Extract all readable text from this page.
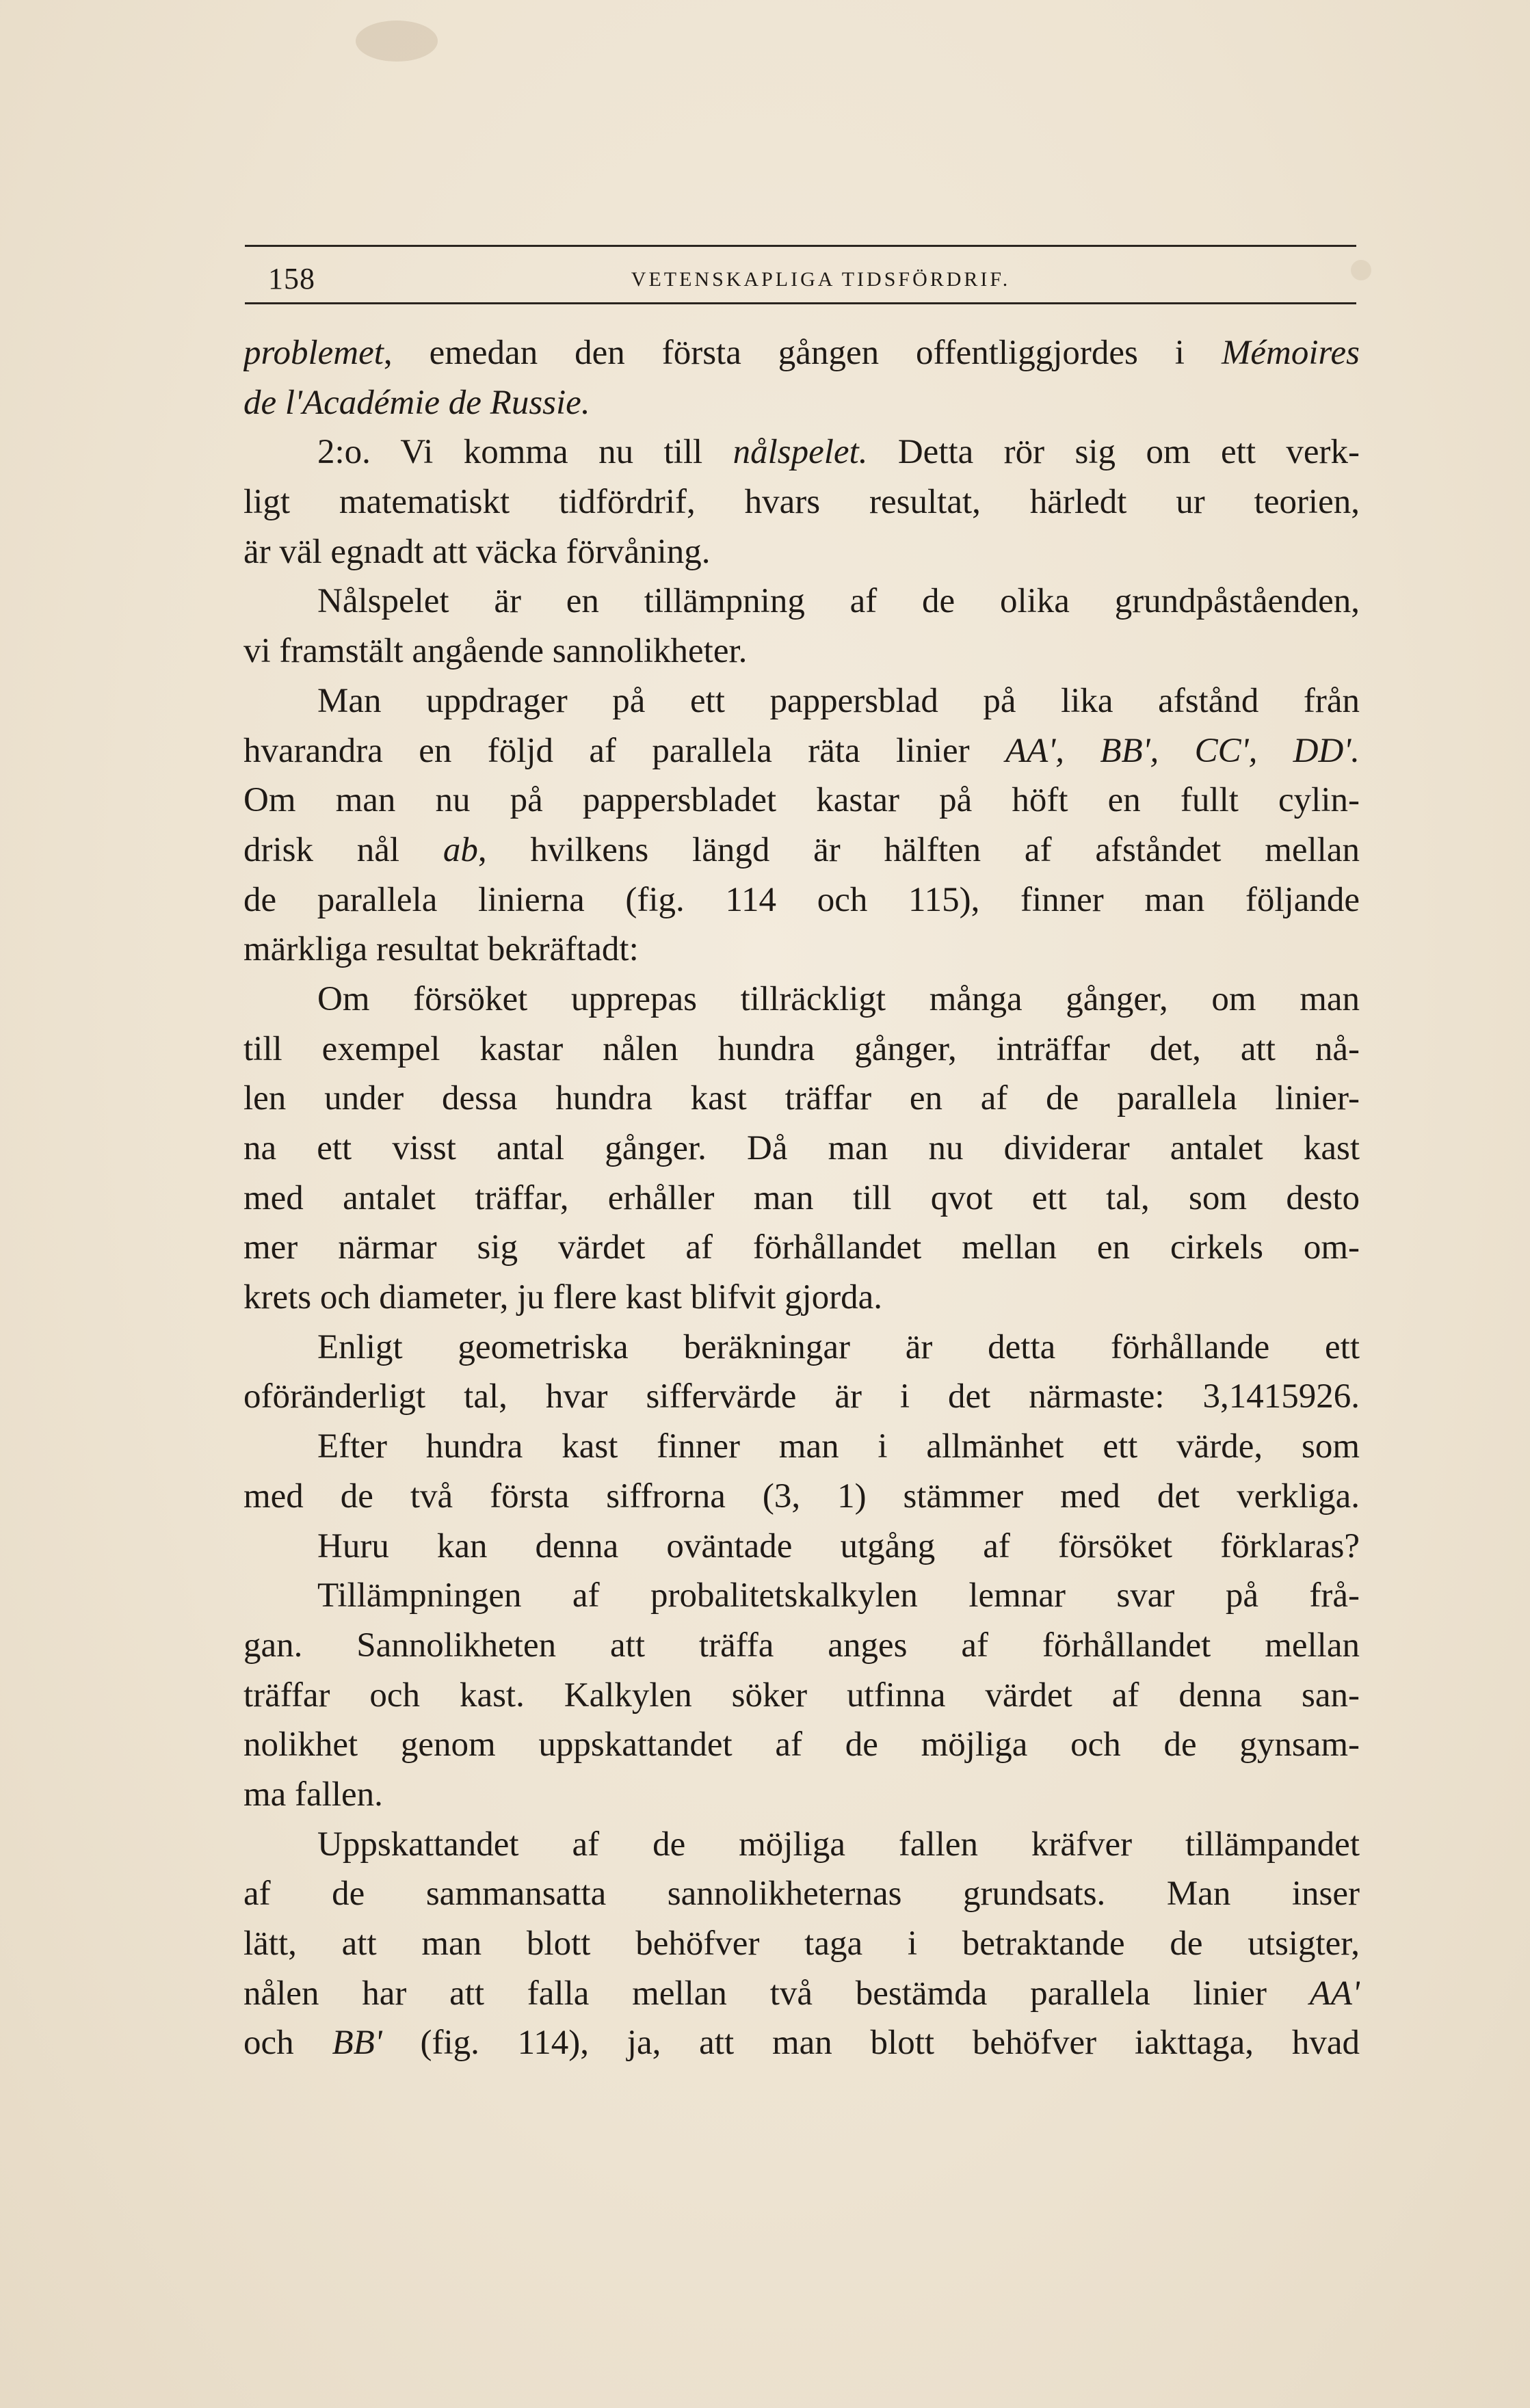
158	VETENSKAPLIGA TIDSFÖRDRIF.
problemet, emedan den första gången offentliggjordes i Mémoires
de l'Académie de Russie.
2:o. Vi komma nu till nålspelet. Detta rör sig om ett verk-
ligt matematiskt tidfördrif, hvars resultat, härledt ur teorien,
är väl egnadt att väcka förvåning.
Nålspelet är en tillämpning af de olika grundpåståenden,
vi framstält angående sannolikheter.
Man uppdrager på ett pappersblad på lika afstånd från
hvarandra en följd af parallela räta linier AA', BB', CC', DD'.
Om man nu på pappersbladet kastar på höft en fullt cylin-
drisk nål ab, hvilkens längd är hälften af afståndet mellan
de parallela linierna (fig. 114 och 115), finner man följande
märkliga resultat bekräftadt:
Om försöket upprepas tillräckligt många gånger, om man
till exempel kastar nålen hundra gånger, inträffar det, att nå-
len under dessa hundra kast träffar en af de parallela linier-
na ett visst antal gånger. Då man nu dividerar antalet kast
med antalet träffar, erhåller man till qvot ett tal, som desto
mer närmar sig värdet af förhållandet mellan en cirkels om-
krets och diameter, ju flere kast blifvit gjorda.
Enligt geometriska beräkningar är detta förhållande ett
oföränderligt tal, hvar siffervärde är i det närmaste: 3,1415926.
Efter hundra kast finner man i allmänhet ett värde, som
med de två första siffrorna (3, 1) stämmer med det verkliga.
Huru kan denna oväntade utgång af försöket förklaras?
Tillämpningen af probalitetskalkylen lemnar svar på frå-
gan. Sannolikheten att träffa anges af förhållandet mellan
träffar och kast. Kalkylen söker utfinna värdet af denna san-
nolikhet genom uppskattandet af de möjliga och de gynsam-
ma fallen.
Uppskattandet af de möjliga fallen kräfver tillämpandet
af de sammansatta sannolikheternas grundsats. Man inser
lätt, att man blott behöfver taga i betraktande de utsigter,
nålen har att falla mellan två bestämda parallela linier AA'
och BB' (fig. 114), ja, att man blott behöfver iakttaga, hvad
